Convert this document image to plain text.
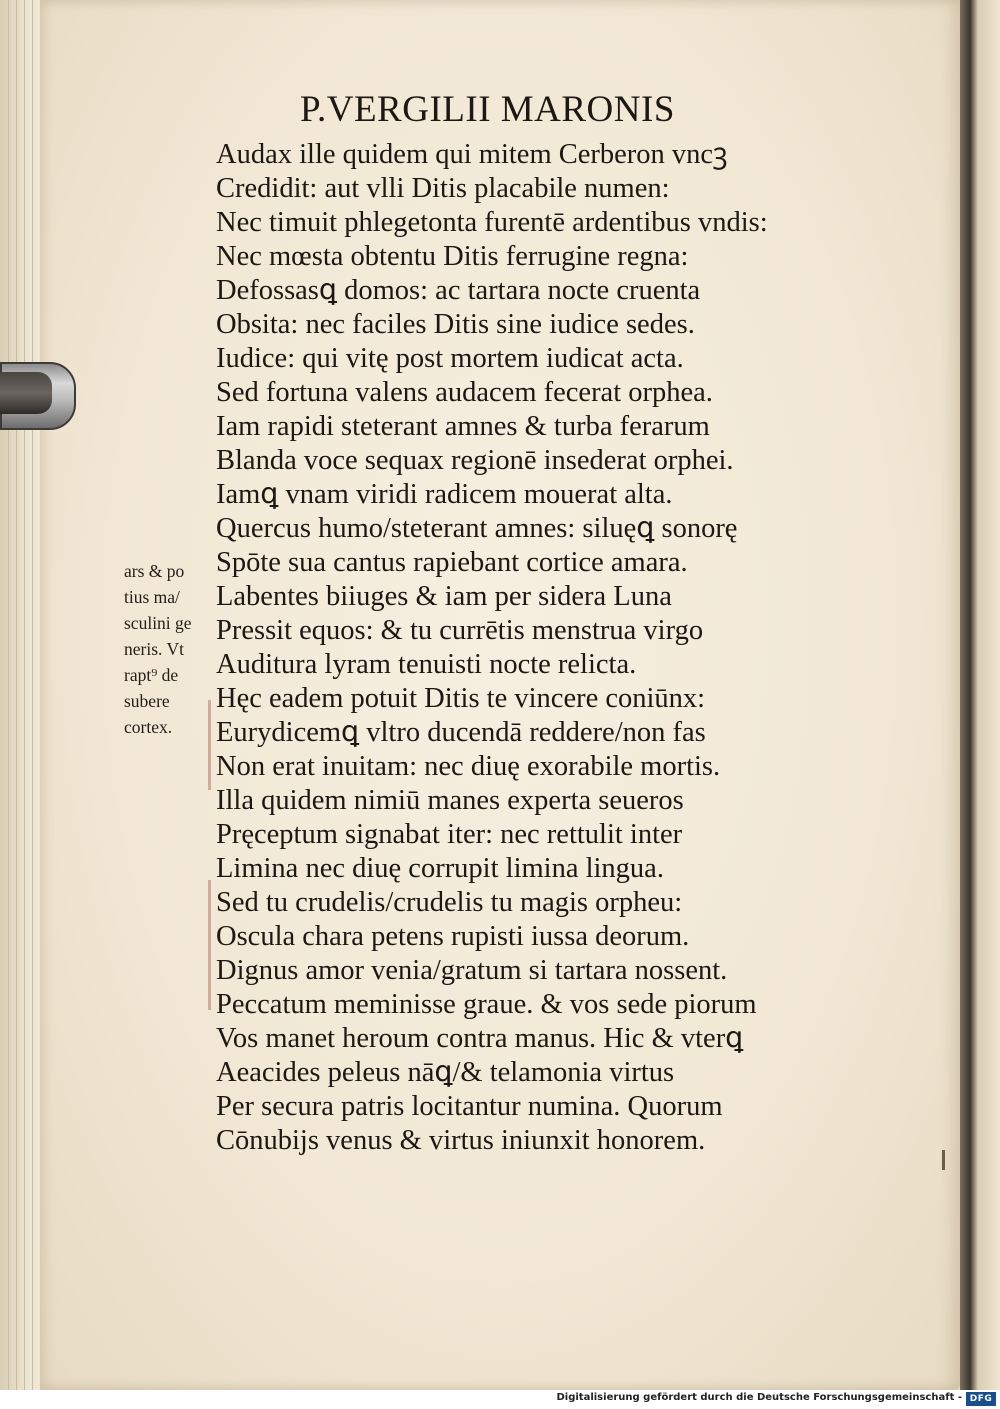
P.VERGILII MARONIS
Audax ille quidem qui mitem Cerberon vncꝫ
Credidit: aut vlli Ditis placabile numen:
Nec timuit phlegetonta furentē ardentibus vndis:
Nec mœsta obtentu Ditis ferrugine regna:
Defossasꝗ domos: ac tartara nocte cruenta
Obsita: nec faciles Ditis sine iudice sedes.
Iudice: qui vitę post mortem iudicat acta.
Sed fortuna valens audacem fecerat orphea.
Iam rapidi steterant amnes & turba ferarum
Blanda voce sequax regionē insederat orphei.
Iamꝗ vnam viridi radicem mouerat alta.
Quercus humo/steterant amnes: siluęꝗ sonorę
Spōte sua cantus rapiebant cortice amara.
Labentes biiuges & iam per sidera Luna
Pressit equos: & tu currētis menstrua virgo
Auditura lyram tenuisti nocte relicta.
Hęc eadem potuit Ditis te vincere coniūnx:
Eurydicemꝗ vltro ducendā reddere/non fas
Non erat inuitam: nec diuę exorabile mortis.
Illa quidem nimiū manes experta seueros
Pręceptum signabat iter: nec rettulit inter
Limina nec diuę corrupit limina lingua.
Sed tu crudelis/crudelis tu magis orpheu:
Oscula chara petens rupisti iussa deorum.
Dignus amor venia/gratum si tartara nossent.
Peccatum meminisse graue. & vos sede piorum
Vos manet heroum contra manus. Hic & vterꝗ
Aeacides peleus nāꝗ/& telamonia virtus
Per secura patris locitantur numina. Quorum
Cōnubijs venus & virtus iniunxit honorem.
ars & po
tius ma/
sculini ge
neris. Vt
rapt⁹ de
subere
cortex.
Digitalisierung gefördert durch die Deutsche Forschungsgemeinschaft - DFG
